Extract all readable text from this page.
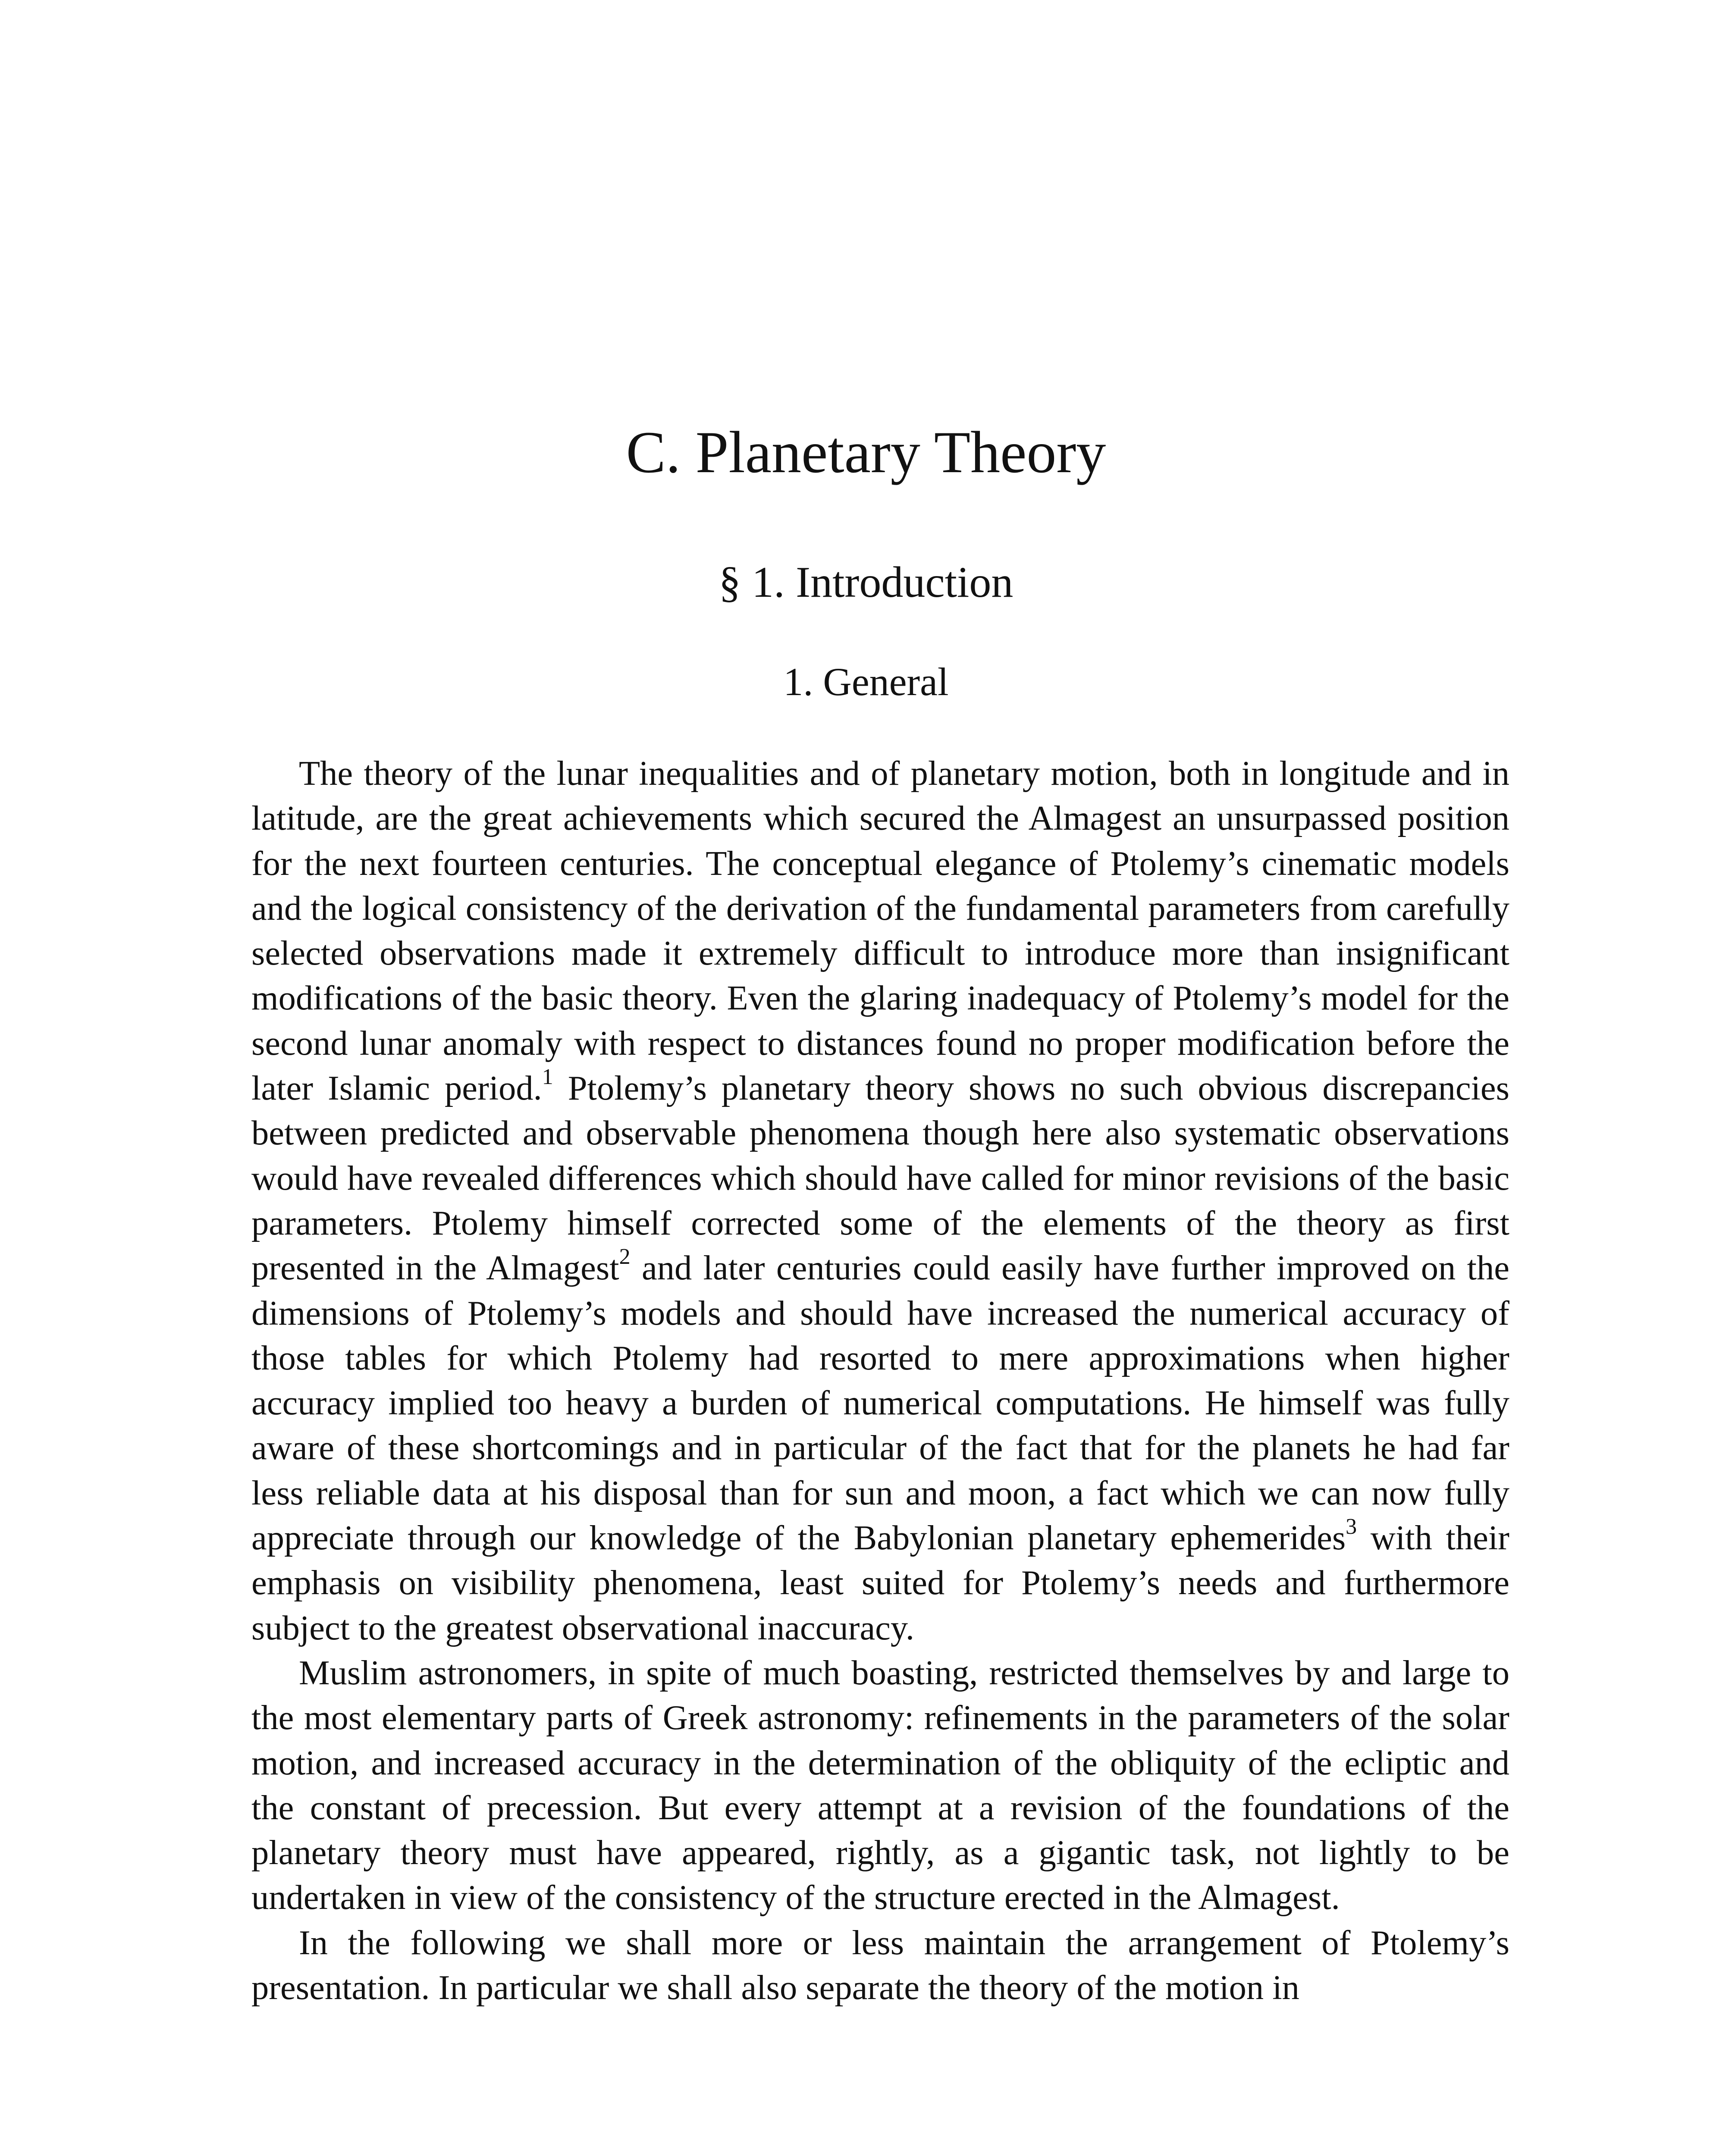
C. Planetary Theory
§ 1. Introduction
1. General

The theory of the lunar inequalities and of planetary motion, both in longitude and in latitude, are the great achievements which secured the Almagest an unsurpassed position for the next fourteen centuries. The conceptual elegance of Ptolemy’s cinematic models and the logical consistency of the derivation of the fundamental parameters from carefully selected observations made it extremely difficult to introduce more than insignificant modifications of the basic theory. Even the glaring inadequacy of Ptolemy’s model for the second lunar anomaly with respect to distances found no proper modification before the later Islamic period.$^1$ Ptolemy’s planetary theory shows no such obvious discrepancies between predicted and observable phenomena though here also systematic observations would have revealed differences which should have called for minor revisions of the basic parameters. Ptolemy himself corrected some of the elements of the theory as first presented in the Almagest$^2$ and later centuries could easily have further improved on the dimensions of Ptolemy’s models and should have increased the numerical accuracy of those tables for which Ptolemy had resorted to mere approximations when higher accuracy implied too heavy a burden of numerical computations. He himself was fully aware of these shortcomings and in particular of the fact that for the planets he had far less reliable data at his disposal than for sun and moon, a fact which we can now fully appreciate through our knowledge of the Babylonian planetary ephemerides$^3$ with their emphasis on visibility phenomena, least suited for Ptolemy’s needs and furthermore subject to the greatest observational inaccuracy.

Muslim astronomers, in spite of much boasting, restricted themselves by and large to the most elementary parts of Greek astronomy: refinements in the parameters of the solar motion, and increased accuracy in the determination of the obliquity of the ecliptic and the constant of precession. But every attempt at a revision of the foundations of the planetary theory must have appeared, rightly, as a gigantic task, not lightly to be undertaken in view of the consistency of the structure erected in the Almagest.

In the following we shall more or less maintain the arrangement of Ptolemy’s presentation. In particular we shall also separate the theory of the motion in
